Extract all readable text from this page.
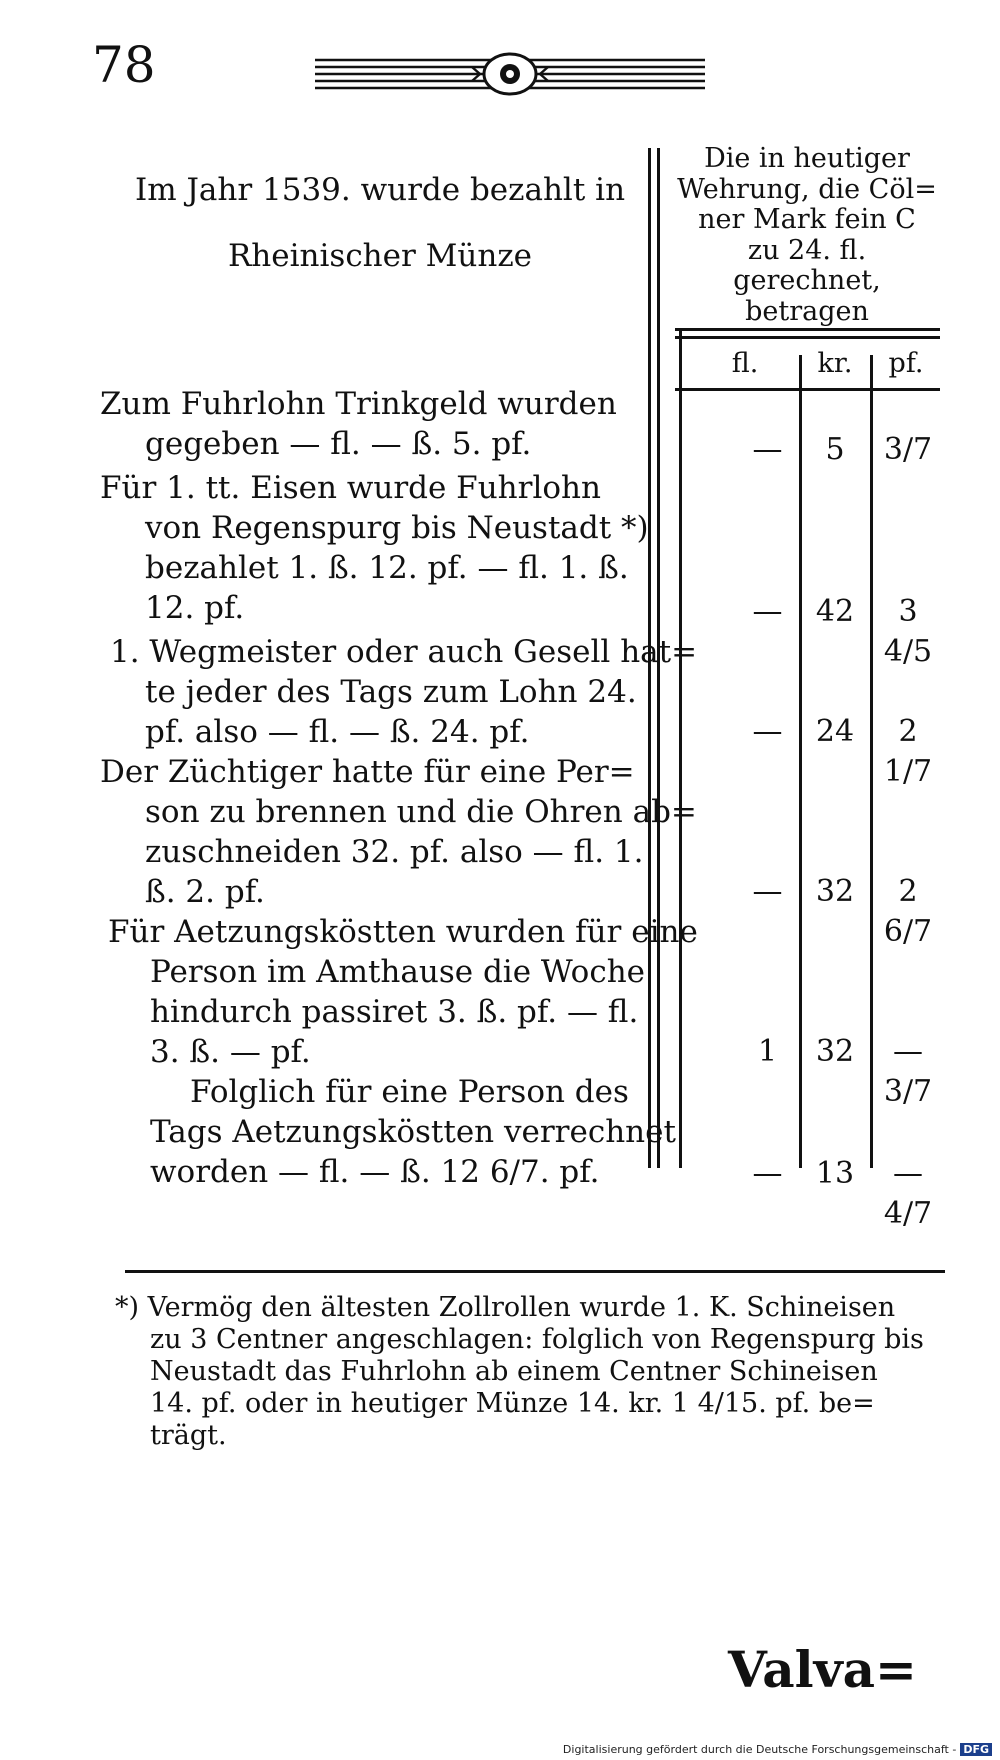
78
Im Jahr 1539. wurde bezahlt in
Rheinischer Münze
Die in heutiger
Wehrung, die Cöl=
ner Mark fein C
zu 24. fl. gerechnet,
betragen
fl.	kr.	pf.
Zum Fuhrlohn Trinkgeld wurden
gegeben — fl. — ß. 5. pf.	—	5	3/7
Für 1. tt. Eisen wurde Fuhrlohn
von Regenspurg bis Neustadt *)
bezahlet 1. ß. 12. pf. — fl. 1. ß.
12. pf.	—	42	3 4/5
1. Wegmeister oder auch Gesell hat=
te jeder des Tags zum Lohn 24.
pf. also — fl. — ß. 24. pf.	—	24	2 1/7
Der Züchtiger hatte für eine Per=
son zu brennen und die Ohren ab=
zuschneiden 32. pf. also — fl. 1.
ß. 2. pf.	—	32	2 6/7
Für Aetzungsköstten wurden für eine
Person im Amthause die Woche
hindurch passiret 3. ß. pf. — fl.
3. ß. — pf.	1	32	— 3/7
Folglich für eine Person des
Tags Aetzungsköstten verrechnet
worden — fl. — ß. 12 6/7. pf.	—	13	— 4/7
*) Vermög den ältesten Zollrollen wurde 1. K. Schineisen
zu 3 Centner angeschlagen: folglich von Regenspurg bis
Neustadt das Fuhrlohn ab einem Centner Schineisen
14. pf. oder in heutiger Münze 14. kr. 1 4/15. pf. be=
trägt.
Valva=
Digitalisierung gefördert durch die Deutsche Forschungsgemeinschaft - DFG
